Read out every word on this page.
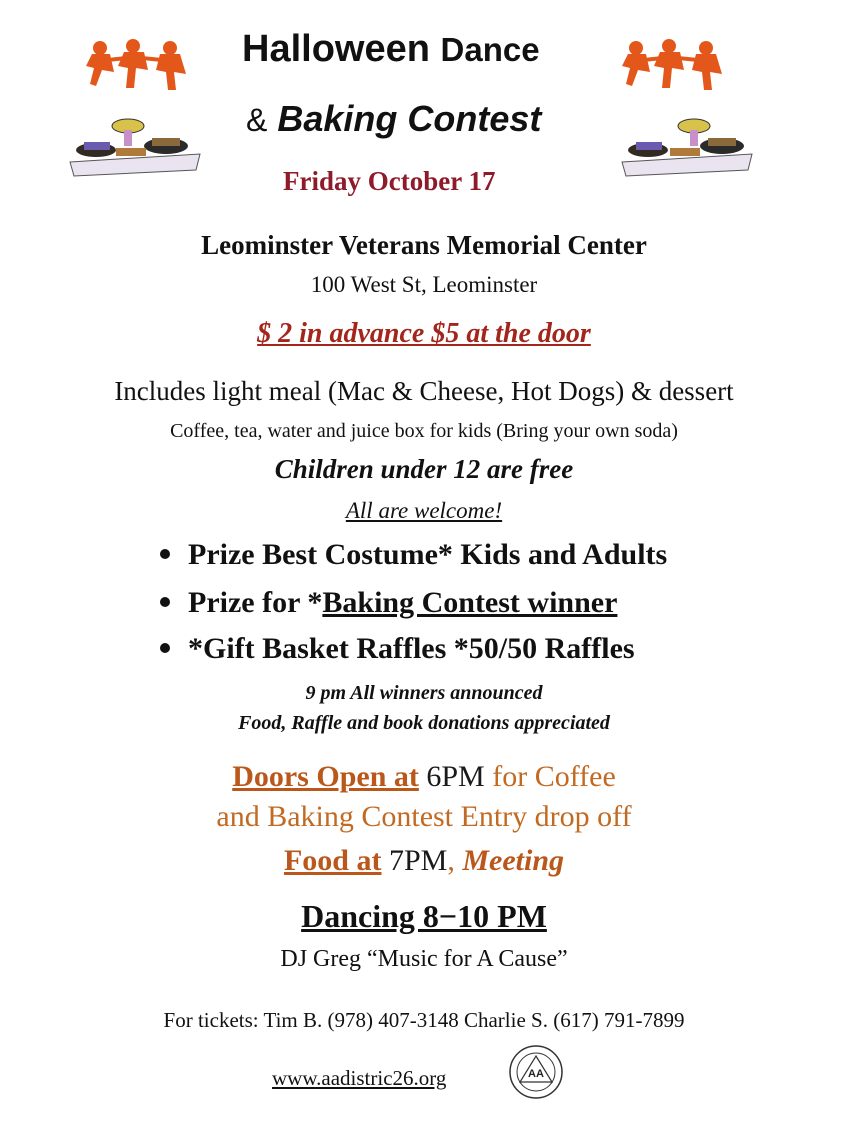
Halloween Dance
& Baking Contest
Friday October 17
Leominster Veterans Memorial Center
100 West St, Leominster
$ 2 in advance $5 at the door
Includes light meal (Mac & Cheese, Hot Dogs) & dessert
Coffee, tea, water and juice box for kids (Bring your own soda)
Children under 12 are free
All are welcome!
Prize Best Costume* Kids and Adults
Prize for *Baking Contest winner
*Gift Basket Raffles *50/50 Raffles
9 pm All winners announced
Food, Raffle and book donations appreciated
Doors Open at 6PM for Coffee
and Baking Contest Entry drop off
Food at 7PM, Meeting
Dancing 8−10 PM
DJ Greg “Music for A Cause”
For tickets: Tim B. (978) 407-3148 Charlie S. (617) 791-7899
www.aadistric26.org	AA
